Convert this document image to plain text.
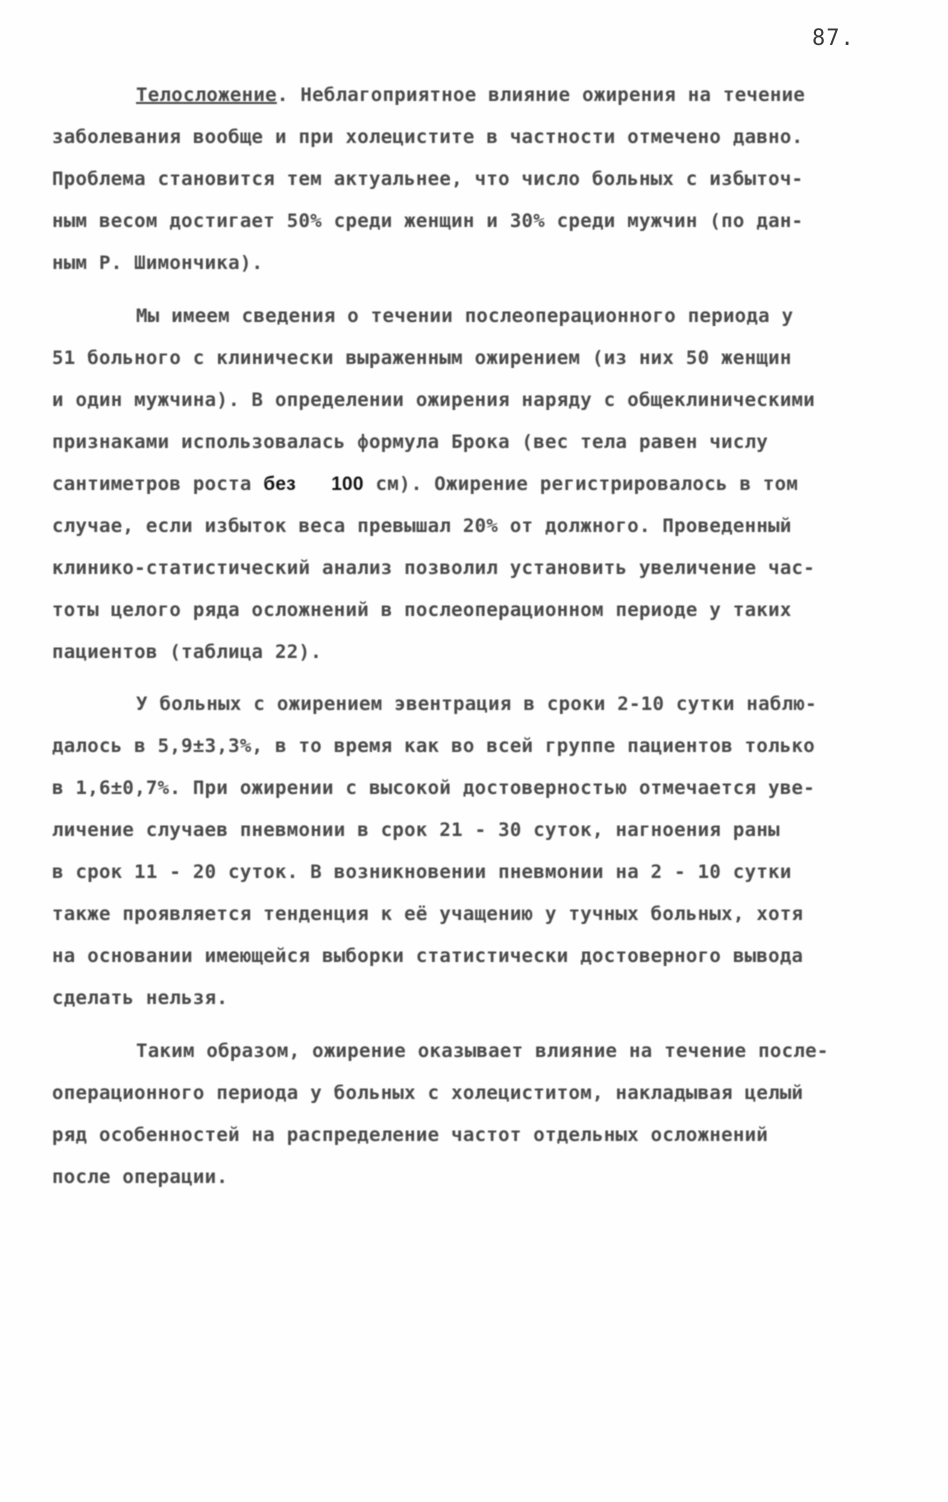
87.
Телосложение. Неблагоприятное влияние ожирения на течение
заболевания вообще и при холецистите в частности отмечено давно.
Проблема становится тем актуальнее, что число больных с избыточ-
ным весом достигает 50% среди женщин и 30% среди мужчин (по дан-
ным Р. Шимончика).
Мы имеем сведения о течении послеоперационного периода у
51 больного с клинически выраженным ожирением (из них 50 женщин
и один мужчина). В определении ожирения наряду с общеклиническими
признаками использовалась формула Брока (вес тела равен числу
сантиметров роста без 100 см). Ожирение регистрировалось в том
случае, если избыток веса превышал 20% от должного. Проведенный
клинико-статистический анализ позволил установить увеличение час-
тоты целого ряда осложнений в послеоперационном периоде у таких
пациентов (таблица 22).
У больных с ожирением эвентрация в сроки 2-10 сутки наблю-
далось в 5,9±3,3%, в то время как во всей группе пациентов только
в 1,6±0,7%. При ожирении с высокой достоверностью отмечается уве-
личение случаев пневмонии в срок 21 - 30 суток, нагноения раны
в срок 11 - 20 суток. В возникновении пневмонии на 2 - 10 сутки
также проявляется тенденция к её учащению у тучных больных, хотя
на основании имеющейся выборки статистически достоверного вывода
сделать нельзя.
Таким образом, ожирение оказывает влияние на течение после-
операционного периода у больных с холециститом, накладывая целый
ряд особенностей на распределение частот отдельных осложнений
после операции.
